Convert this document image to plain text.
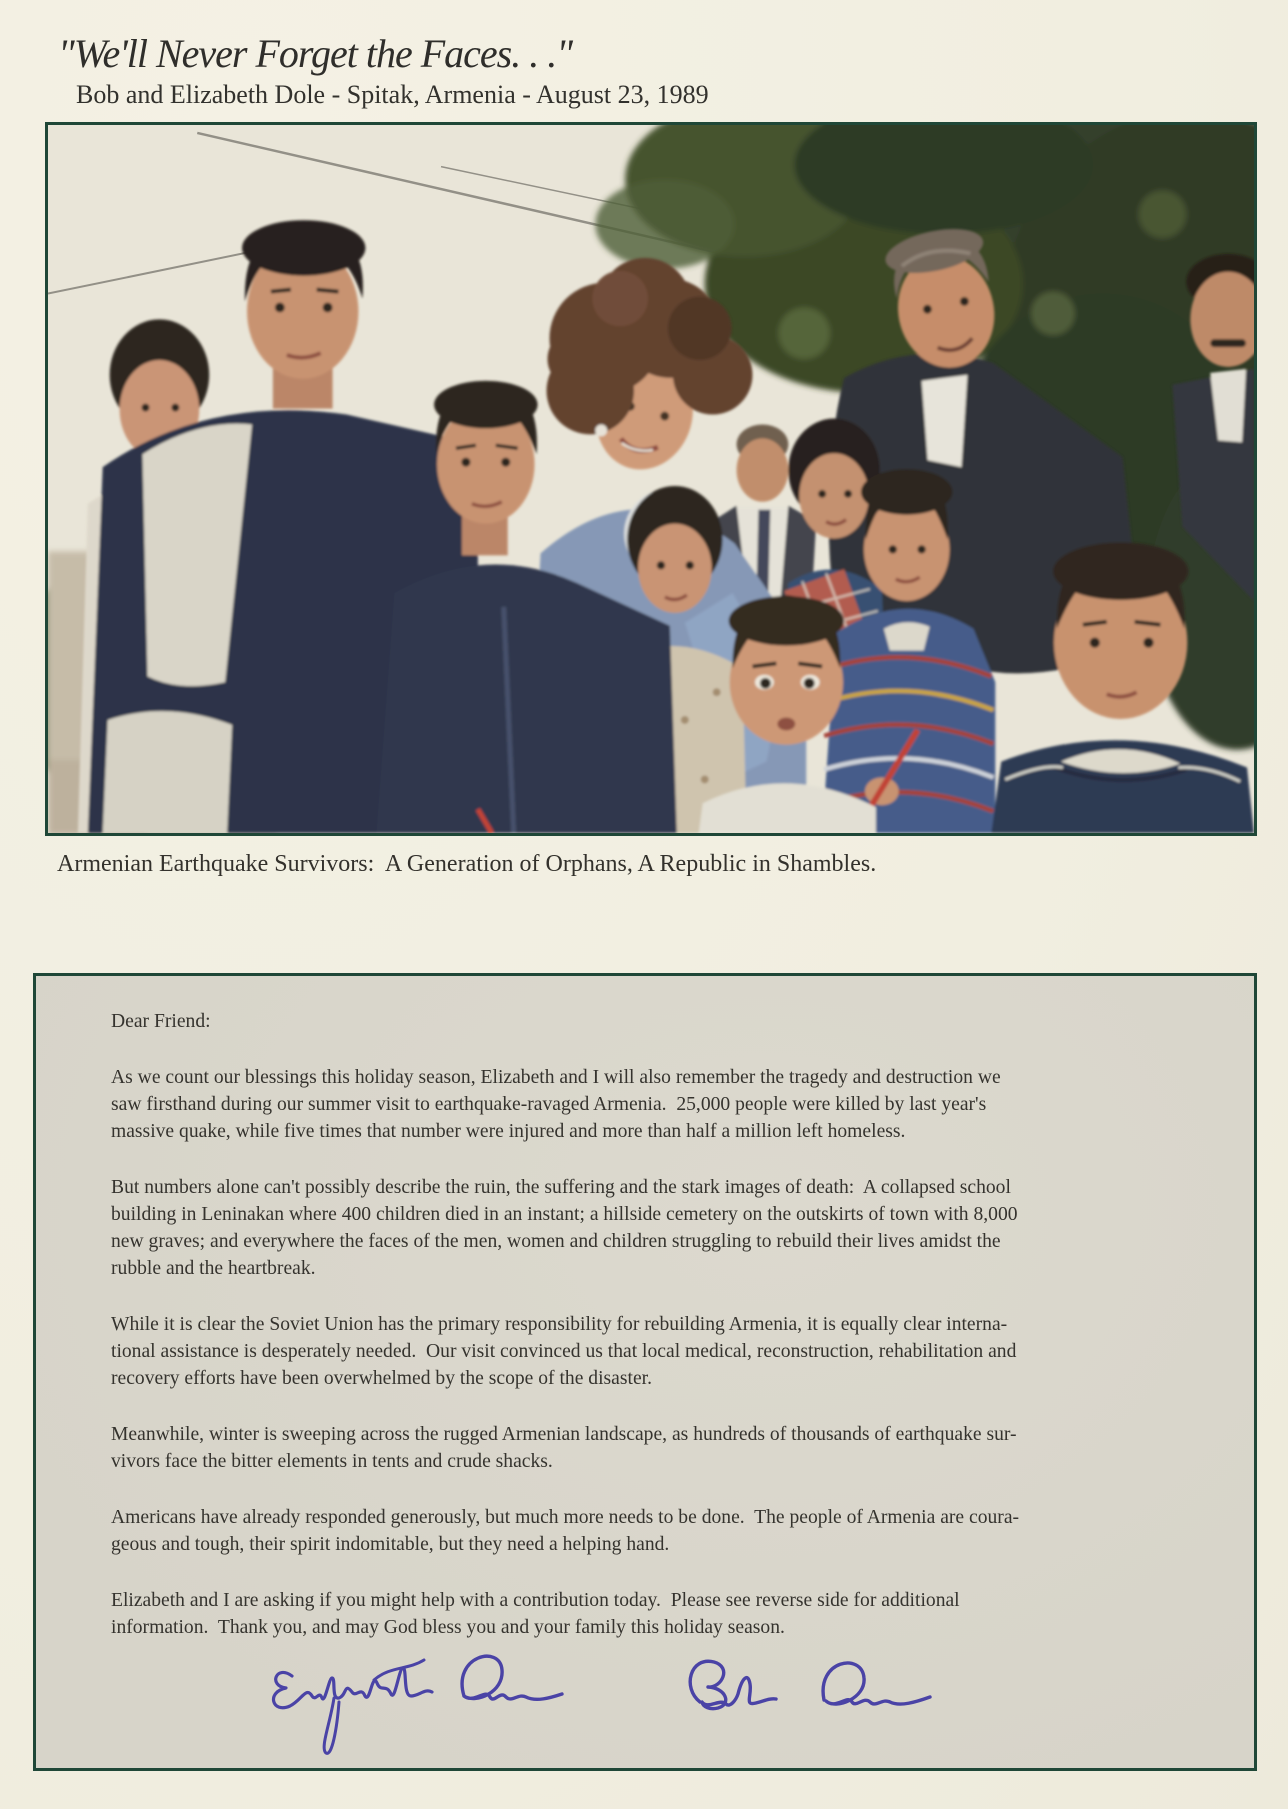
"We'll Never Forget the Faces. . ."
Bob and Elizabeth Dole - Spitak, Armenia - August 23, 1989
Armenian Earthquake Survivors:  A Generation of Orphans, A Republic in Shambles.

Dear Friend:

As we count our blessings this holiday season, Elizabeth and I will also remember the tragedy and destruction we
saw firsthand during our summer visit to earthquake-ravaged Armenia.  25,000 people were killed by last year's
massive quake, while five times that number were injured and more than half a million left homeless.
But numbers alone can't possibly describe the ruin, the suffering and the stark images of death:  A collapsed school
building in Leninakan where 400 children died in an instant; a hillside cemetery on the outskirts of town with 8,000
new graves; and everywhere the faces of the men, women and children struggling to rebuild their lives amidst the
rubble and the heartbreak.
While it is clear the Soviet Union has the primary responsibility for rebuilding Armenia, it is equally clear interna-
tional assistance is desperately needed.  Our visit convinced us that local medical, reconstruction, rehabilitation and
recovery efforts have been overwhelmed by the scope of the disaster.
Meanwhile, winter is sweeping across the rugged Armenian landscape, as hundreds of thousands of earthquake sur-
vivors face the bitter elements in tents and crude shacks.
Americans have already responded generously, but much more needs to be done.  The people of Armenia are coura-
geous and tough, their spirit indomitable, but they need a helping hand.
Elizabeth and I are asking if you might help with a contribution today.  Please see reverse side for additional
information.  Thank you, and may God bless you and your family this holiday season.
